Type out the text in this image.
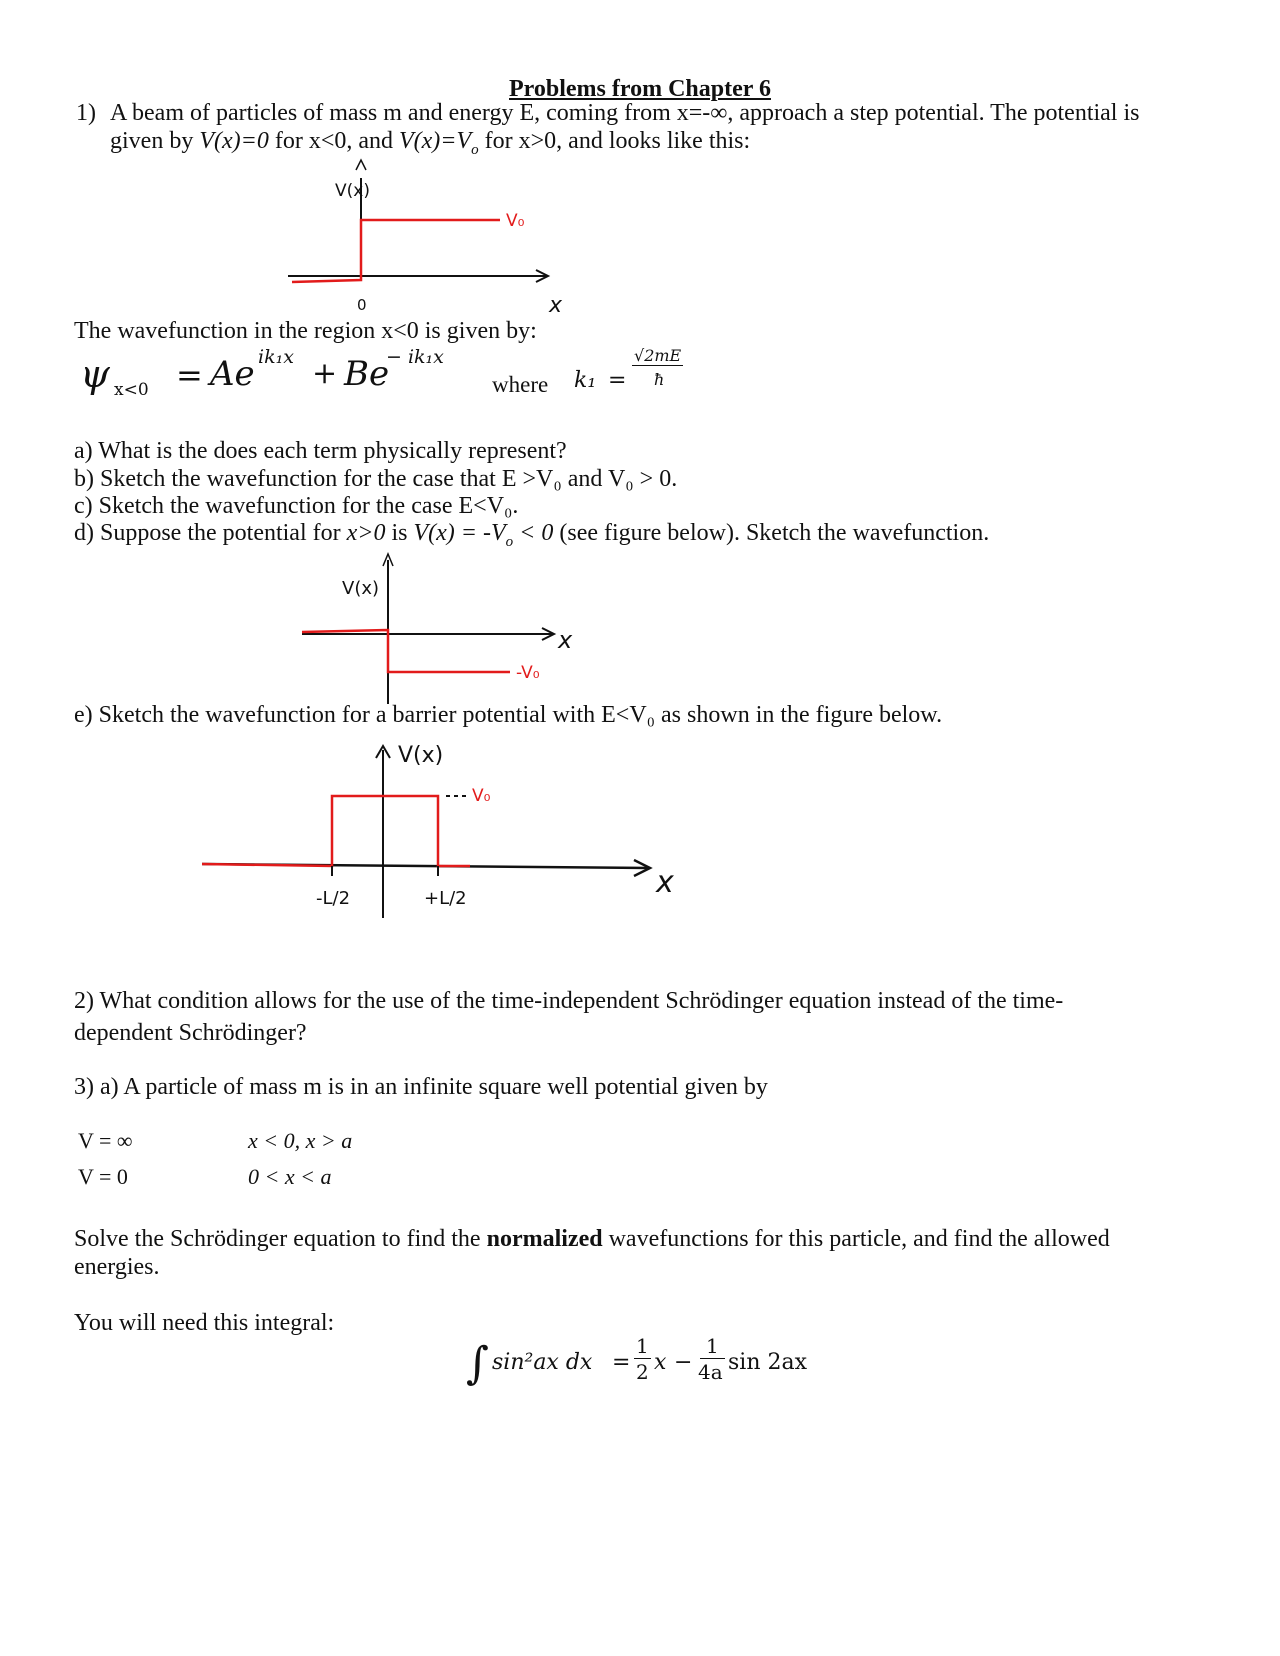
Problems from Chapter 6
1) A beam of particles of mass m and energy E, coming from x=-∞, approach a step potential. The potential is
given by V(x)=0 for x<0, and $V(x)=V_o$ for x>0, and looks like this:
V(x)
V₀
0	x
The wavefunction in the region x<0 is given by:
ψ x<0 = Ae ik₁x + Be
− ik₁x
where k₁ =
√2mE
ħ
a) What is the does each term physically represent?
b) Sketch the wavefunction for the case that E >V₀ and V₀ > 0.
c) Sketch the wavefunction for the case E<V₀.
d) Suppose the potential for x>0 is $V(x) = -V_o < 0$ (see figure below). Sketch the wavefunction.
V(x)
x
-V₀
e) Sketch the wavefunction for a barrier potential with E<V₀ as shown in the figure below.
V(x)
V₀
-L/2	+L/2	x
2) What condition allows for the use of the time-independent Schrödinger equation instead of the time-
dependent Schrödinger?
3) a) A particle of mass m is in an infinite square well potential given by
V = ∞	x < 0, x > a
V = 0	0 < x < a
Solve the Schrödinger equation to find the normalized wavefunctions for this particle, and find the allowed
energies.
You will need this integral:
∫ sin²ax dx =
1
2 x −
1
4a sin 2ax
